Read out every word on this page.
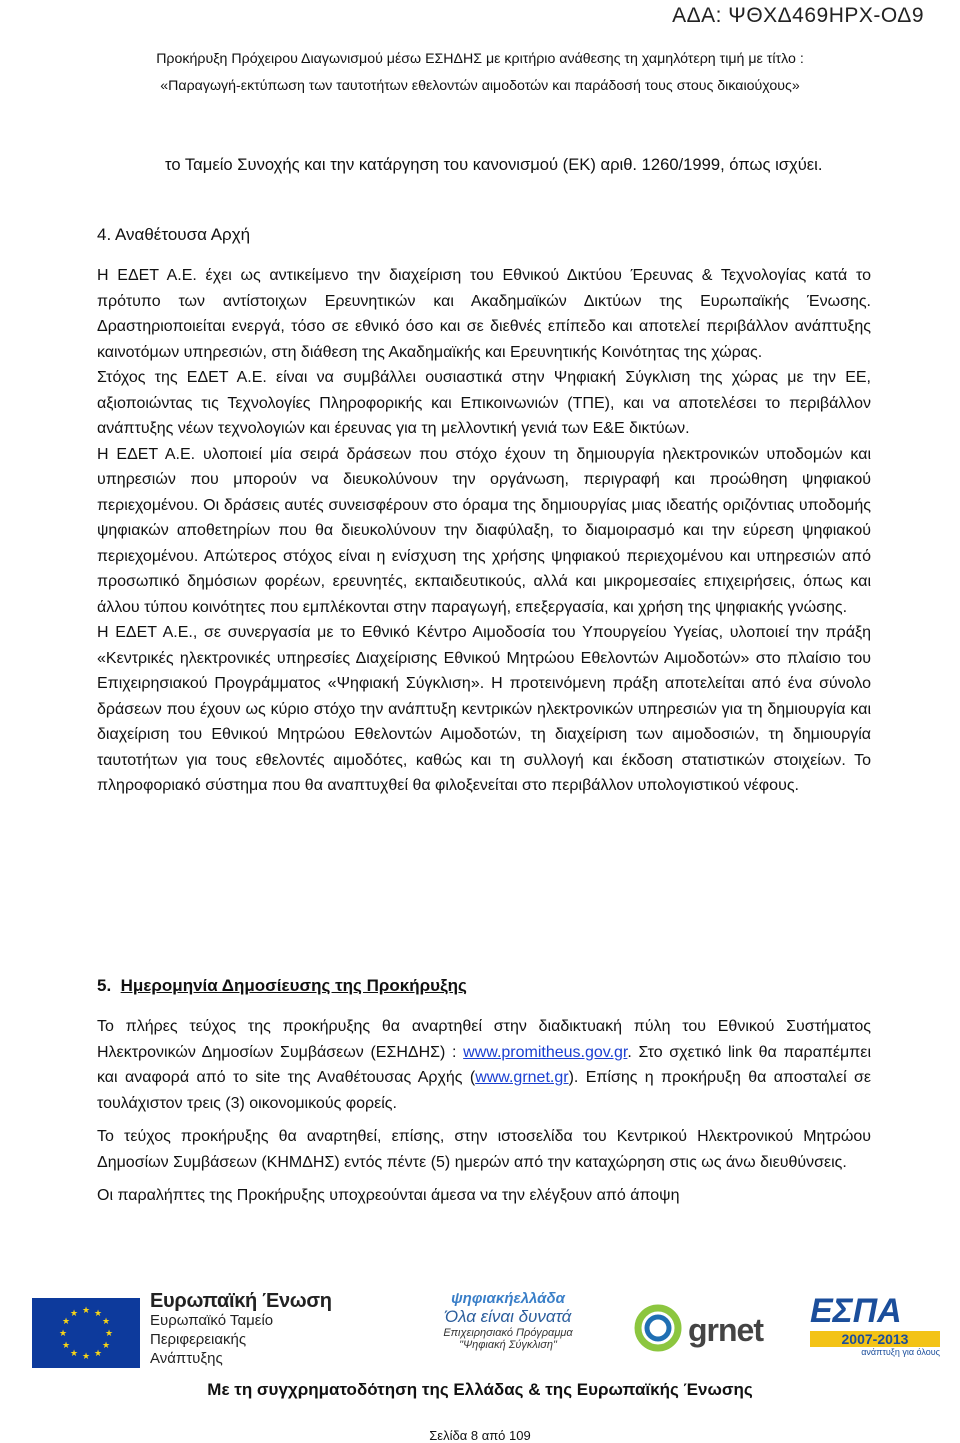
ΑΔΑ: ΨΘΧΔ469ΗΡΧ-ΟΔ9
Προκήρυξη Πρόχειρου Διαγωνισμού μέσω ΕΣΗΔΗΣ με κριτήριο ανάθεσης τη χαμηλότερη τιμή με τίτλο :
«Παραγωγή-εκτύπωση των ταυτοτήτων εθελοντών αιμοδοτών και παράδοσή τους στους δικαιούχους»
το Ταμείο Συνοχής και την κατάργηση του κανονισμού (ΕΚ) αριθ. 1260/1999, όπως ισχύει.
4. Αναθέτουσα Αρχή

Η ΕΔΕΤ Α.Ε. έχει ως αντικείμενο την διαχείριση του Εθνικού Δικτύου Έρευνας & Τεχνολογίας κατά το πρότυπο των αντίστοιχων Ερευνητικών και Ακαδημαϊκών Δικτύων της Ευρωπαϊκής Ένωσης. Δραστηριοποιείται ενεργά, τόσο σε εθνικό όσο και σε διεθνές επίπεδο και αποτελεί περιβάλλον ανάπτυξης καινοτόμων υπηρεσιών, στη διάθεση της Ακαδημαϊκής και Ερευνητικής Κοινότητας της χώρας.

Στόχος της ΕΔΕΤ Α.Ε. είναι να συμβάλλει ουσιαστικά στην Ψηφιακή Σύγκλιση της χώρας με την ΕΕ, αξιοποιώντας τις Τεχνολογίες Πληροφορικής και Επικοινωνιών (ΤΠΕ), και να αποτελέσει το περιβάλλον ανάπτυξης νέων τεχνολογιών και έρευνας για τη μελλοντική γενιά των Ε&Ε δικτύων.

Η ΕΔΕΤ Α.Ε. υλοποιεί μία σειρά δράσεων που στόχο έχουν τη δημιουργία ηλεκτρονικών υποδομών και υπηρεσιών που μπορούν να διευκολύνουν την οργάνωση, περιγραφή και προώθηση ψηφιακού περιεχομένου. Οι δράσεις αυτές συνεισφέρουν στο όραμα της δημιουργίας μιας ιδεατής οριζόντιας υποδομής ψηφιακών αποθετηρίων που θα διευκολύνουν την διαφύλαξη, το διαμοιρασμό και την εύρεση ψηφιακού περιεχομένου. Απώτερος στόχος είναι η ενίσχυση της χρήσης ψηφιακού περιεχομένου και υπηρεσιών από προσωπικό δημόσιων φορέων, ερευνητές, εκπαιδευτικούς, αλλά και μικρομεσαίες επιχειρήσεις, όπως και άλλου τύπου κοινότητες που εμπλέκονται στην παραγωγή, επεξεργασία, και χρήση της ψηφιακής γνώσης.

Η ΕΔΕΤ Α.Ε., σε συνεργασία με το Εθνικό Κέντρο Αιμοδοσία του Υπουργείου Υγείας, υλοποιεί την πράξη «Κεντρικές ηλεκτρονικές υπηρεσίες Διαχείρισης Εθνικού Μητρώου Εθελοντών Αιμοδοτών» στο πλαίσιο του Επιχειρησιακού Προγράμματος «Ψηφιακή Σύγκλιση». Η προτεινόμενη πράξη αποτελείται από ένα σύνολο δράσεων που έχουν ως κύριο στόχο την ανάπτυξη κεντρικών ηλεκτρονικών υπηρεσιών για τη δημιουργία και διαχείριση του Εθνικού Μητρώου Εθελοντών Αιμοδοτών, τη διαχείριση των αιμοδοσιών, τη δημιουργία ταυτοτήτων για τους εθελοντές αιμοδότες, καθώς και τη συλλογή και έκδοση στατιστικών στοιχείων. Το πληροφοριακό σύστημα που θα αναπτυχθεί θα φιλοξενείται στο περιβάλλον υπολογιστικού νέφους.

5. Ημερομηνία Δημοσίευσης της Προκήρυξης

Το πλήρες τεύχος της προκήρυξης θα αναρτηθεί στην διαδικτυακή πύλη του Εθνικού Συστήματος Ηλεκτρονικών Δημοσίων Συμβάσεων (ΕΣΗΔΗΣ) : www.promitheus.gov.gr. Στο σχετικό link θα παραπέμπει και αναφορά από το site της Αναθέτουσας Αρχής (www.grnet.gr). Επίσης η προκήρυξη θα αποσταλεί σε τουλάχιστον τρεις (3) οικονομικούς φορείς.

Το τεύχος προκήρυξης θα αναρτηθεί, επίσης, στην ιστοσελίδα του Κεντρικού Ηλεκτρονικού Μητρώου Δημοσίων Συμβάσεων (ΚΗΜΔΗΣ) εντός πέντε (5) ημερών από την καταχώρηση στις ως άνω διευθύνσεις.

Οι παραλήπτες της Προκήρυξης υποχρεούνται άμεσα να την ελέγξουν από άποψη

★ ★
★
★
★
★
★
★
★
★
★
★
Ευρωπαϊκή Ένωση
Ευρωπαϊκό Ταμείο
Περιφερειακής
Ανάπτυξης
ψηφιακήελλάδα
Όλα είναι δυνατά
Επιχειρησιακό Πρόγραμμα
"Ψηφιακή Σύγκλιση"	grnet ΕΣΠΑ
2007-2013
ανάπτυξη για όλους
Με τη συγχρηματοδότηση της Ελλάδας & της Ευρωπαϊκής Ένωσης
Σελίδα 8 από 109
